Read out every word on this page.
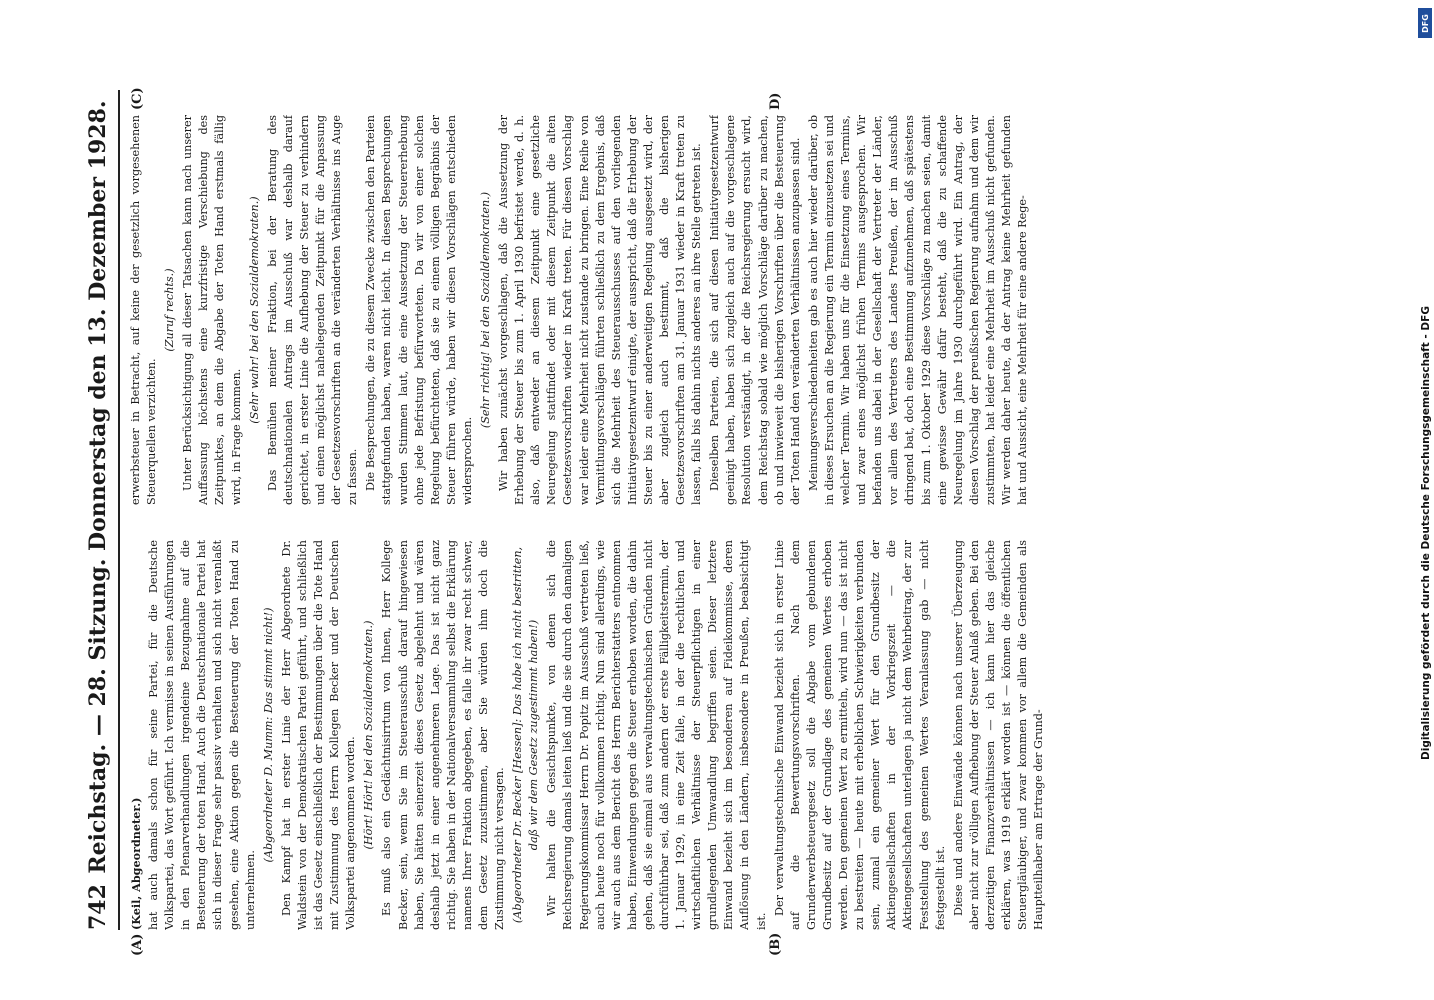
742
Reichstag. — 28. Sitzung. Donnerstag den 13. Dezember 1928. (Keil, Abgeordneter.) hat auch damals schon für seine Partei, für die Deutsche Volkspartei, das Wort geführt. Ich vermisse in seinen Ausführungen in den Plenarverhandlungen irgendeine Bezugnahme auf die Besteuerung der toten Hand. Auch die Deutschnationale Partei hat sich in dieser Frage sehr passiv verhalten und sich nicht veranlaßt gesehen, eine Aktion gegen die Besteuerung der Toten Hand zu unternehmen.

(Abgeordneter D. Mumm: Das stimmt nicht!) Den Kampf hat in erster Linie der Herr Abgeordnete Dr. Waldstein von der Demokratischen Partei geführt, und schließlich ist das Gesetz einschließlich der Bestimmungen über die Tote Hand mit Zustimmung des Herrn Kollegen Becker und der Deutschen Volkspartei angenommen worden. (Hört! Hört! bei den Sozialdemokraten.) Es muß also ein Gedächtnisirrtum von Ihnen, Herr Kollege Becker, sein, wenn Sie im Steuerausschuß darauf hingewiesen haben, Sie hätten seinerzeit dieses Gesetz abgelehnt und wären deshalb jetzt in einer angenehmeren Lage. Das ist nicht ganz richtig. Sie haben in der Nationalversammlung selbst die Erklärung namens Ihrer Fraktion abgegeben, es falle ihr zwar recht schwer, dem Gesetz zuzustimmen, aber Sie würden ihm doch die Zustimmung nicht versagen. (Abgeordneter Dr. Becker [Hessen]: Das habe ich nicht bestritten, daß wir dem Gesetz zugestimmt haben!) Wir halten die Gesichtspunkte, von denen sich die Reichsregierung damals leiten ließ und die sie durch den damaligen Regierungskommissar Herrn Dr. Popitz im Ausschuß vertreten ließ, auch heute noch für vollkommen richtig. Nun sind allerdings, wie wir auch aus dem Bericht des Herrn Berichterstatters entnommen haben, Einwendungen gegen die Steuer erhoben worden, die dahin gehen, daß sie einmal aus verwaltungstechnischen Gründen nicht durchführbar sei, daß zum andern der erste Fälligkeitstermin, der 1. Januar 1929, in eine Zeit falle, in der die rechtlichen und wirtschaftlichen Verhältnisse der Steuerpflichtigen in einer grundlegenden Umwandlung begriffen seien. Dieser letztere Einwand bezieht sich im besonderen auf Fideikommisse, deren Auflösung in den Ländern, insbesondere in Preußen, beabsichtigt ist.

Der verwaltungstechnische Einwand bezieht sich in erster Linie auf die Bewertungsvorschriften. Nach dem Grunderwerbsteuergesetz soll die Abgabe vom gebundenen Grundbesitz auf der Grundlage des gemeinen Wertes erhoben werden. Den gemeinen Wert zu ermitteln, wird nun — das ist nicht zu bestreiten — heute mit erheblichen Schwierigkeiten verbunden sein, zumal ein gemeiner Wert für den Grundbesitz der Aktiengesellschaften in der Vorkriegszeit — die Aktiengesellschaften unterlagen ja nicht dem Wehrbeitrag, der zur Feststellung des gemeinen Wertes Veranlassung gab — nicht festgestellt ist. Diese und andere Einwände können nach unserer Überzeugung aber nicht zur völligen Aufhebung der Steuer Anlaß geben. Bei den derzeitigen Finanzverhältnissen — ich kann hier das gleiche erklären, was 1919 erklärt worden ist — können die öffentlichen Steuergläubiger, und zwar kommen vor allem die Gemeinden als Hauptteilhaber am Ertrage der Grund-

erwerbsteuer in Betracht, auf keine der gesetzlich vorgesehenen Steuerquellen verzichten.

(Zuruf rechts.) Unter Berücksichtigung all dieser Tatsachen kann nach unserer Auffassung höchstens eine kurzfristige Verschiebung des Zeitpunktes, an dem die Abgabe der Toten Hand erstmals fällig wird, in Frage kommen.

(Sehr wahr! bei den Sozialdemokraten.) Das Bemühen meiner Fraktion, bei der Beratung des deutschnationalen Antrags im Ausschuß war deshalb darauf gerichtet, in erster Linie die Aufhebung der Steuer zu verhindern und einen möglichst naheliegenden Zeitpunkt für die Anpassung der Gesetzesvorschriften an die veränderten Verhältnisse ins Auge zu fassen. Die Besprechungen, die zu diesem Zwecke zwischen den Parteien stattgefunden haben, waren nicht leicht. In diesen Besprechungen wurden Stimmen laut, die eine Aussetzung der Steuererhebung ohne jede Befristung befürworteten. Da wir von einer solchen Regelung befürchteten, daß sie zu einem völligen Begräbnis der Steuer führen würde, haben wir diesen Vorschlägen entschieden widersprochen.

(Sehr richtig! bei den Sozialdemokraten.) Wir haben zunächst vorgeschlagen, daß die Aussetzung der Erhebung der Steuer bis zum 1. April 1930 befristet werde, d. h. also, daß entweder an diesem Zeitpunkt eine gesetzliche Neuregelung stattfindet oder mit diesem Zeitpunkt die alten Gesetzesvorschriften wieder in Kraft treten. Für diesen Vorschlag war leider eine Mehrheit nicht zustande zu bringen. Eine Reihe von Vermittlungsvorschlägen führten schließlich zu dem Ergebnis, daß sich die Mehrheit des Steuerausschusses auf den vorliegenden Initiativgesetzentwurf einigte, der ausspricht, daß die Erhebung der Steuer bis zu einer anderweitigen Regelung ausgesetzt wird, der aber zugleich auch bestimmt, daß die bisherigen Gesetzesvorschriften am 31. Januar 1931 wieder in Kraft treten zu lassen, falls bis dahin nichts anderes an ihre Stelle getreten ist. Dieselben Parteien, die sich auf diesen Initiativgesetzentwurf geeinigt haben, haben sich zugleich auch auf die vorgeschlagene Resolution verständigt, in der die Reichsregierung ersucht wird, dem Reichstag sobald wie möglich Vorschläge darüber zu machen, ob und inwieweit die bisherigen Vorschriften über die Besteuerung der Toten Hand den veränderten Verhältnissen anzupassen sind. Meinungsverschiedenheiten gab es auch hier wieder darüber, ob in dieses Ersuchen an die Regierung ein Termin einzusetzen sei und welcher Termin. Wir haben uns für die Einsetzung eines Termins, und zwar eines möglichst frühen Termins ausgesprochen. Wir befanden uns dabei in der Gesellschaft der Vertreter der Länder, vor allem des Vertreters des Landes Preußen, der im Ausschuß dringend bat, doch eine Bestimmung aufzunehmen, daß spätestens bis zum 1. Oktober 1929 diese Vorschläge zu machen seien, damit eine gewisse Gewähr dafür besteht, daß die zu schaffende Neuregelung im Jahre 1930 durchgeführt wird. Ein Antrag, der diesen Vorschlag der preußischen Regierung aufnahm und dem wir zustimmten, hat leider eine Mehrheit im Ausschuß nicht gefunden. Wir werden daher heute, da der Antrag keine Mehrheit gefunden hat und Aussicht, eine Mehrheit für eine andere Rege-

(A)	(B)
(C)	D)
DFG
Digitalisierung gefördert durch die Deutsche Forschungsgemeinschaft - DFG
